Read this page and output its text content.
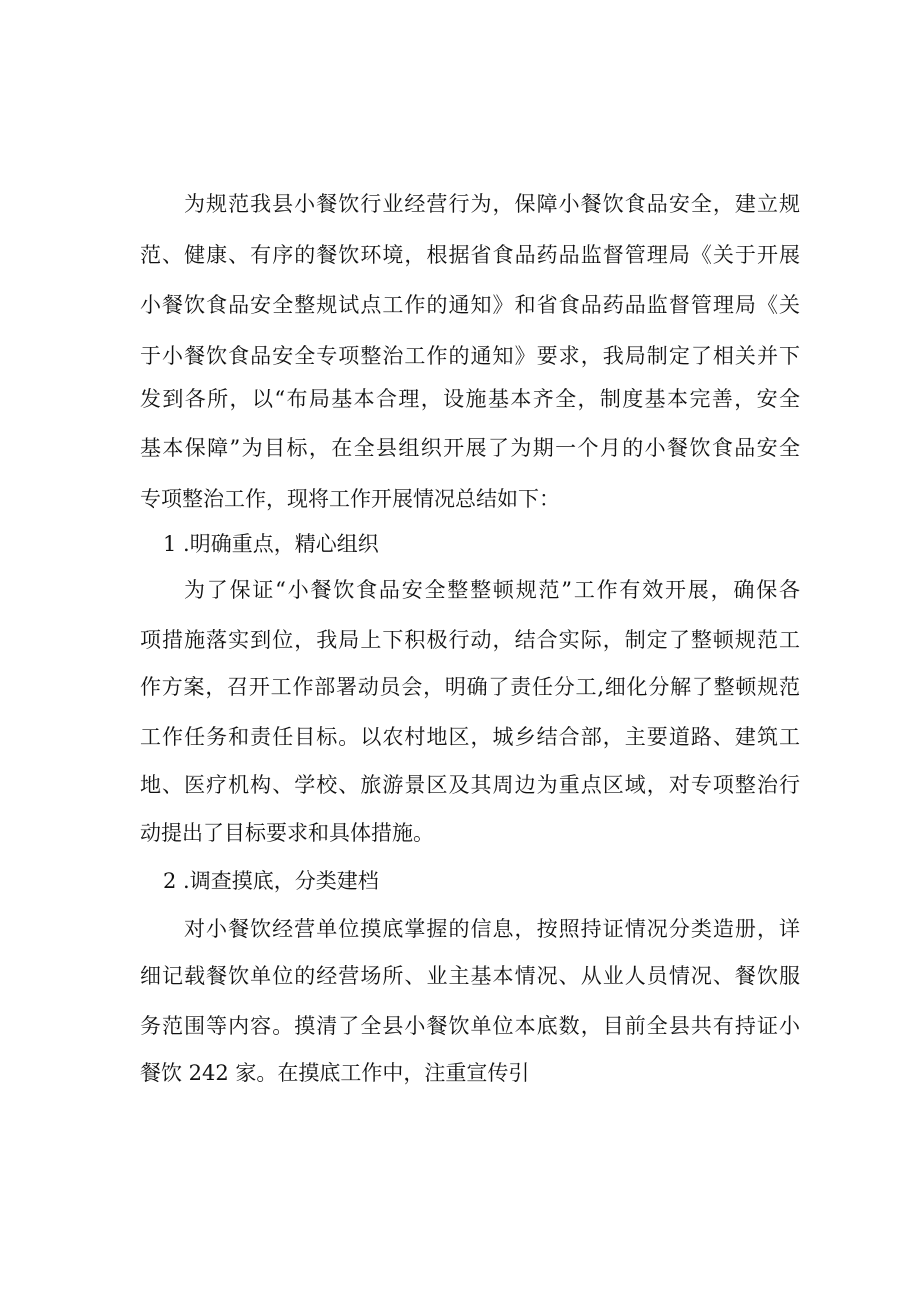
为规范我县小餐饮行业经营行为，保障小餐饮食品安全，建立规
范、健康、有序的餐饮环境，根据省食品药品监督管理局《关于开展
小餐饮食品安全整规试点工作的通知》和省食品药品监督管理局《关
于小餐饮食品安全专项整治工作的通知》要求，我局制定了相关并下
发到各所，以“布局基本合理，设施基本齐全，制度基本完善，安全
基本保障”为目标，在全县组织开展了为期一个月的小餐饮食品安全
专项整治工作，现将工作开展情况总结如下：
1 .明确重点，精心组织
为了保证“小餐饮食品安全整整顿规范”工作有效开展，确保各
项措施落实到位，我局上下积极行动，结合实际，制定了整顿规范工
作方案，召开工作部署动员会，明确了责任分工,细化分解了整顿规范
工作任务和责任目标。以农村地区，城乡结合部，主要道路、建筑工
地、医疗机构、学校、旅游景区及其周边为重点区域，对专项整治行
动提出了目标要求和具体措施。
2 .调查摸底，分类建档
对小餐饮经营单位摸底掌握的信息，按照持证情况分类造册，详
细记载餐饮单位的经营场所、业主基本情况、从业人员情况、餐饮服
务范围等内容。摸清了全县小餐饮单位本底数，目前全县共有持证小
餐饮 242 家。在摸底工作中，注重宣传引
